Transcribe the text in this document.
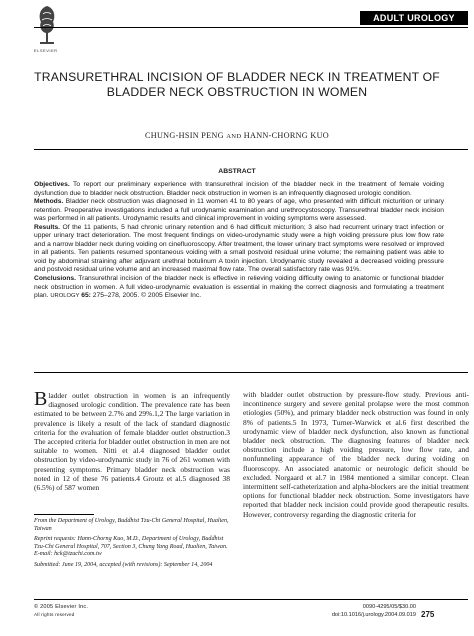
ELSEVIER
ADULT UROLOGY
TRANSURETHRAL INCISION OF BLADDER NECK IN TREATMENT OF BLADDER NECK OBSTRUCTION IN WOMEN
CHUNG-HSIN PENG AND HANN-CHORNG KUO
ABSTRACT

Objectives. To report our preliminary experience with transurethral incision of the bladder neck in the treatment of female voiding dysfunction due to bladder neck obstruction. Bladder neck obstruction in women is an infrequently diagnosed urologic condition.

Methods. Bladder neck obstruction was diagnosed in 11 women 41 to 80 years of age, who presented with difficult micturition or urinary retention. Preoperative investigations included a full urodynamic examination and urethrocystoscopy. Transurethral bladder neck incision was performed in all patients. Urodynamic results and clinical improvement in voiding symptoms were assessed.

Results. Of the 11 patients, 5 had chronic urinary retention and 6 had difficult micturition; 3 also had recurrent urinary tract infection or upper urinary tract deterioration. The most frequent findings on video-urodynamic study were a high voiding pressure plus low flow rate and a narrow bladder neck during voiding on cinefluoroscopy. After treatment, the lower urinary tract symptoms were resolved or improved in all patients. Ten patients resumed spontaneous voiding with a small postvoid residual urine volume; the remaining patient was able to void by abdominal straining after adjuvant urethral botulinum A toxin injection. Urodynamic study revealed a decreased voiding pressure and postvoid residual urine volume and an increased maximal flow rate. The overall satisfactory rate was 91%.

Conclusions. Transurethral incision of the bladder neck is effective in relieving voiding difficulty owing to anatomic or functional bladder neck obstruction in women. A full video-urodynamic evaluation is essential in making the correct diagnosis and formulating a treatment plan. UROLOGY 65: 275–278, 2005. © 2005 Elsevier Inc.

Bladder outlet obstruction in women is an infrequently diagnosed urologic condition. The prevalence rate has been estimated to be between 2.7% and 29%.1,2 The large variation in prevalence is likely a result of the lack of standard diagnostic criteria for the evaluation of female bladder outlet obstruction.3 The accepted criteria for bladder outlet obstruction in men are not suitable to women. Nitti et al.4 diagnosed bladder outlet obstruction by video-urodynamic study in 76 of 261 women with presenting symptoms. Primary bladder neck obstruction was noted in 12 of these 76 patients.4 Groutz et al.5 diagnosed 38 (6.5%) of 587 women

with bladder outlet obstruction by pressure-flow study. Previous anti-incontinence surgery and severe genital prolapse were the most common etiologies (50%), and primary bladder neck obstruction was found in only 8% of patients.5 In 1973, Turner-Warwick et al.6 first described the urodynamic view of bladder neck dysfunction, also known as functional bladder neck obstruction. The diagnosing features of bladder neck obstruction include a high voiding pressure, low flow rate, and nonfunneling appearance of the bladder neck during voiding on fluoroscopy. An associated anatomic or neurologic deficit should be excluded. Norgaard et al.7 in 1984 mentioned a similar concept. Clean intermittent self-catheterization and alpha-blockers are the initial treatment options for functional bladder neck obstruction. Some investigators have reported that bladder neck incision could provide good therapeutic results. However, controversy regarding the diagnostic criteria for

From the Department of Urology, Buddhist Tzu-Chi General Hospital, Hualien, Taiwan

Reprint requests: Hann-Chorng Kuo, M.D., Department of Urology, Buddhist Tzu-Chi General Hospital, 707, Section 3, Chung Yang Road, Hualien, Taiwan. E-mail: hck@tzuchi.com.tw

Submitted: June 19, 2004, accepted (with revisions): September 14, 2004

© 2005 Elsevier Inc.
All rights reserved
0090-4295/05/$30.00
doi:10.1016/j.urology.2004.09.019 275
